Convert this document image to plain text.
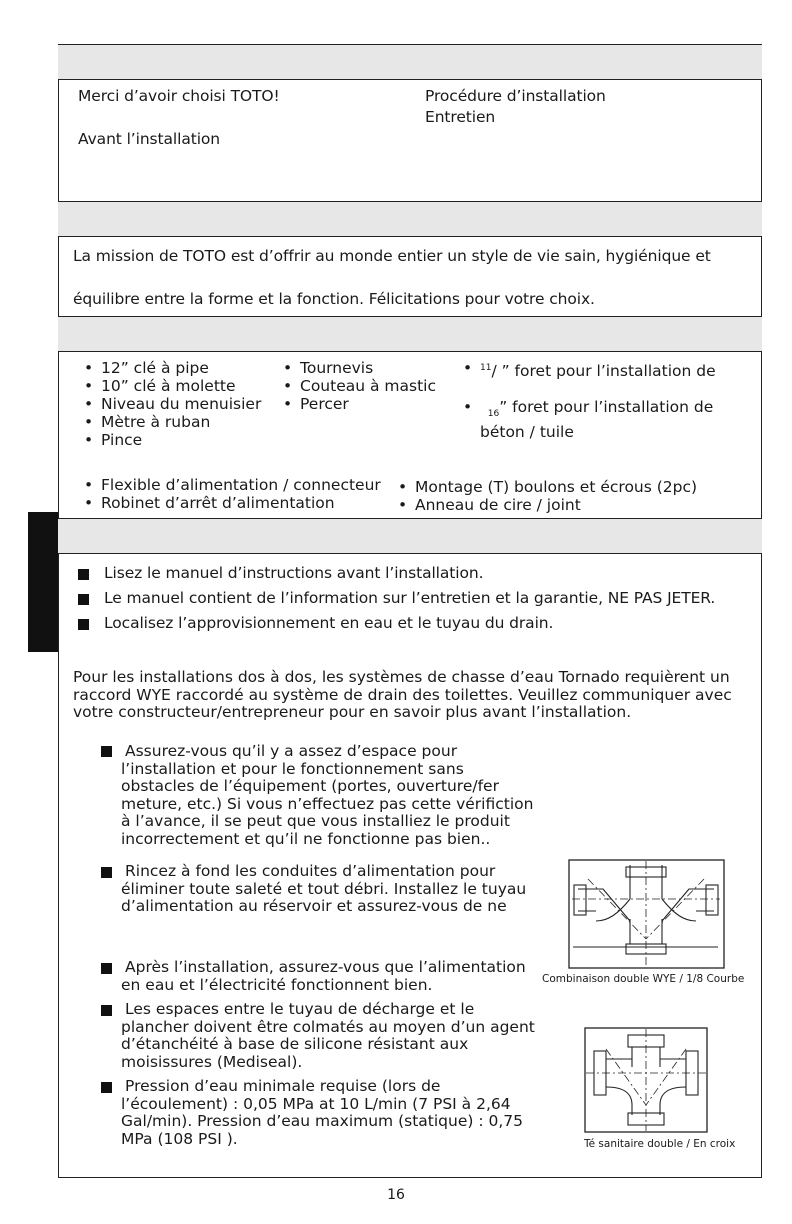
Merci d’avoir choisi TOTO!
Avant l’installation
Procédure d’installation
Entretien
La mission de TOTO est d’offrir au monde entier un style de vie sain, hygiénique et
équilibre entre la forme et la fonction. Félicitations pour votre choix.
• 12” clé à pipe
• 10” clé à molette
• Niveau du menuisier
• Mètre à ruban
• Pince
• Tournevis
• Couteau à mastic
• Percer
• $^{11}$/ ” foret pour l’installation de
 • $_{16}$” foret pour l’installation de
béton / tuile
• Flexible d’alimentation / connecteur
• Robinet d’arrêt d’alimentation
• Montage (T) boulons et écrous (2pc)
• Anneau de cire / joint
Lisez le manuel d’instructions avant l’installation.
Le manuel contient de l’information sur l’entretien et la garantie, NE PAS JETER.
Localisez l’approvisionnement en eau et le tuyau du drain.
Pour les installations dos à dos, les systèmes de chasse d’eau Tornado requièrent un raccord WYE raccordé au système de drain des toilettes. Veuillez communiquer avec votre constructeur/entrepreneur pour en savoir plus avant l’installation.
Assurez-vous qu’il y a assez d’espace pour l’installation et pour le fonctionnement sans obstacles de l’équipement (portes, ouverture/fer meture, etc.) Si vous n’effectuez pas cette vérifiction à l’avance, il se peut que vous installiez le produit incorrectement et qu’il ne fonctionne pas bien..
Rincez à fond les conduites d’alimentation pour éliminer toute saleté et tout débri. Installez le tuyau d’alimentation au réservoir et assurez-vous de ne
Après l’installation, assurez-vous que l’alimentation en eau et l’électricité fonctionnent bien.
Les espaces entre le tuyau de décharge et le plancher doivent être colmatés au moyen d’un agent d’étanchéité à base de silicone résistant aux moisissures (Mediseal).
Pression d’eau minimale requise (lors de l’écoulement) : 0,05 MPa at 10 L/min (7 PSI à 2,64 Gal/min). Pression d’eau maximum (statique) : 0,75 MPa (108 PSI ).
Combinaison double WYE / 1/8 Courbe
Té sanitaire double / En croix
16
